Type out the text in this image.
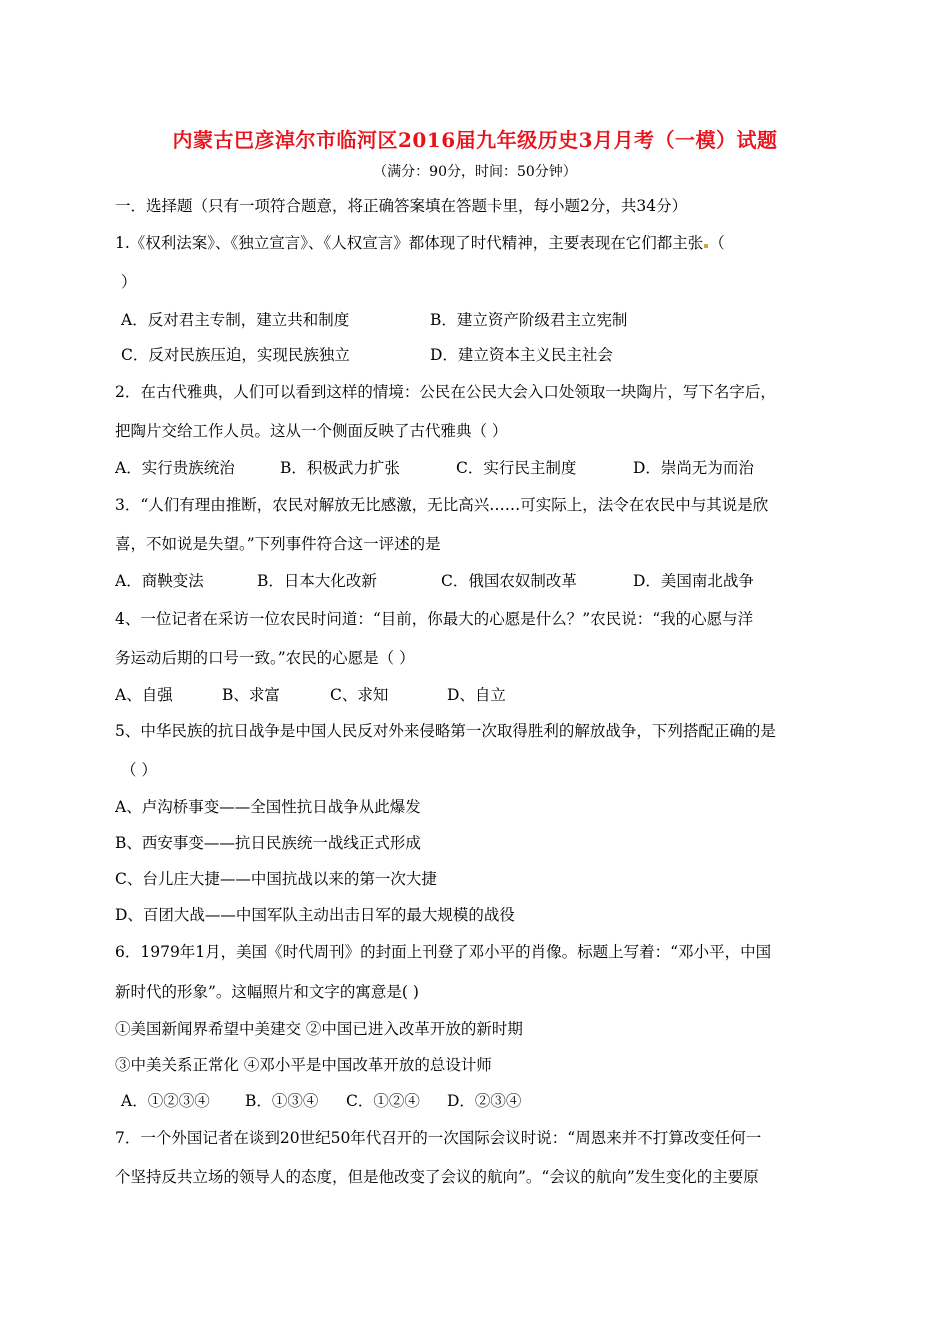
内蒙古巴彦淖尔市临河区2016届九年级历史3月月考（一模）试题
（满分：90分，时间：50分钟）
一．选择题（只有一项符合题意，将正确答案填在答题卡里，每小题2分，共34分）
1.《权利法案》、《独立宣言》、《人权宣言》都体现了时代精神，主要表现在它们都主张 （
）
A．反对君主专制，建立共和制度	B．建立资产阶级君主立宪制
C．反对民族压迫，实现民族独立	D．建立资本主义民主社会
2．在古代雅典，人们可以看到这样的情境：公民在公民大会入口处领取一块陶片，写下名字后，
把陶片交给工作人员。这从一个侧面反映了古代雅典（ ）
A．实行贵族统治	B．积极武力扩张	C．实行民主制度	D．崇尚无为而治
3．“人们有理由推断，农民对解放无比感激，无比高兴……可实际上，法令在农民中与其说是欣
喜，不如说是失望。”下列事件符合这一评述的是
A．商鞅变法	B．日本大化改新	C．俄国农奴制改革	D．美国南北战争
4、一位记者在采访一位农民时问道：“目前，你最大的心愿是什么？”农民说：“我的心愿与洋
务运动后期的口号一致。”农民的心愿是（ ）
A、自强	B、求富	C、求知	D、自立
5、中华民族的抗日战争是中国人民反对外来侵略第一次取得胜利的解放战争，下列搭配正确的是
（ ）
A、卢沟桥事变——全国性抗日战争从此爆发
B、西安事变——抗日民族统一战线正式形成
C、台儿庄大捷——中国抗战以来的第一次大捷
D、百团大战——中国军队主动出击日军的最大规模的战役
6．1979年1月，美国《时代周刊》的封面上刊登了邓小平的肖像。标题上写着：“邓小平，中国
新时代的形象”。这幅照片和文字的寓意是( )
①美国新闻界希望中美建交 ②中国已进入改革开放的新时期
③中美关系正常化 ④邓小平是中国改革开放的总设计师
A．①②③④ B．①③④ C．①②④ D．②③④
7．一个外国记者在谈到20世纪50年代召开的一次国际会议时说：“周恩来并不打算改变任何一
个坚持反共立场的领导人的态度，但是他改变了会议的航向”。“会议的航向”发生变化的主要原
